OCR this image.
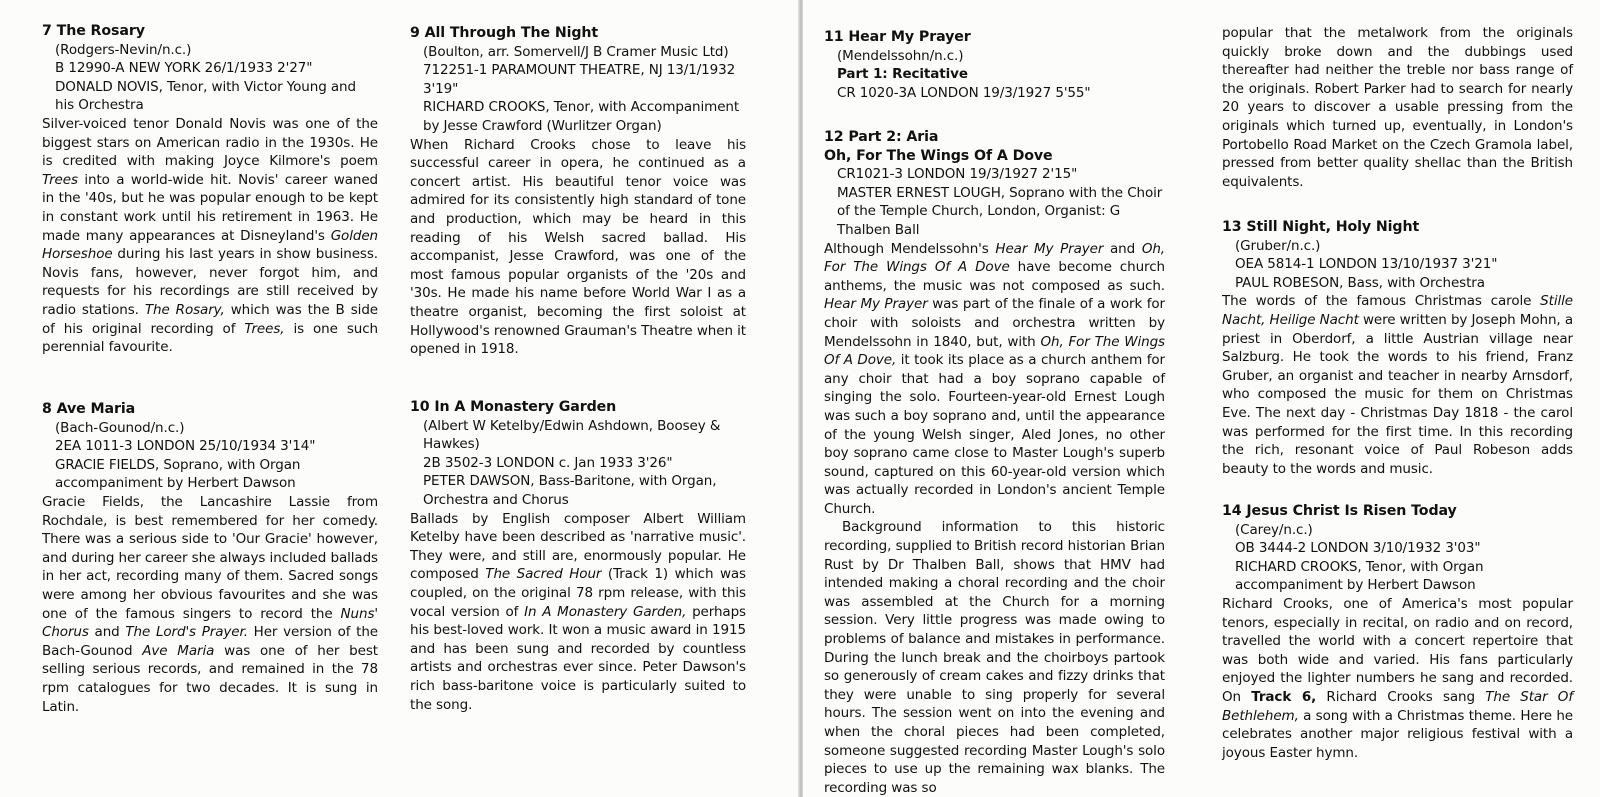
7 The Rosary

(Rodgers-Nevin/n.c.)

B 12990-A NEW YORK 26/1/1933 2'27"

DONALD NOVIS, Tenor, with Victor Young and his Orchestra

Silver-voiced tenor Donald Novis was one of the biggest stars on American radio in the 1930s. He is credited with making Joyce Kilmore's poem Trees into a world-wide hit. Novis' career waned in the '40s, but he was popular enough to be kept in constant work until his retirement in 1963. He made many appearances at Disneyland's Golden Horseshoe during his last years in show business. Novis fans, however, never forgot him, and requests for his recordings are still received by radio stations. The Rosary, which was the B side of his original recording of Trees, is one such perennial favourite.

8 Ave Maria

(Bach-Gounod/n.c.)

2EA 1011-3 LONDON 25/10/1934 3'14"

GRACIE FIELDS, Soprano, with Organ accompaniment by Herbert Dawson

Gracie Fields, the Lancashire Lassie from Rochdale, is best remembered for her comedy. There was a serious side to 'Our Gracie' however, and during her career she always included ballads in her act, recording many of them. Sacred songs were among her obvious favourites and she was one of the famous singers to record the Nuns' Chorus and The Lord's Prayer. Her version of the Bach-Gounod Ave Maria was one of her best selling serious records, and remained in the 78 rpm catalogues for two decades. It is sung in Latin.

9 All Through The Night

(Boulton, arr. Somervell/J B Cramer Music Ltd)

712251-1 PARAMOUNT THEATRE, NJ 13/1/1932 3'19"

RICHARD CROOKS, Tenor, with Accompaniment by Jesse Crawford (Wurlitzer Organ)

When Richard Crooks chose to leave his successful career in opera, he continued as a concert artist. His beautiful tenor voice was admired for its consistently high standard of tone and production, which may be heard in this reading of his Welsh sacred ballad. His accompanist, Jesse Crawford, was one of the most famous popular organists of the '20s and '30s. He made his name before World War I as a theatre organist, becoming the first soloist at Hollywood's renowned Grauman's Theatre when it opened in 1918.

10 In A Monastery Garden

(Albert W Ketelby/Edwin Ashdown, Boosey & Hawkes)

2B 3502-3 LONDON c. Jan 1933 3'26"

PETER DAWSON, Bass-Baritone, with Organ, Orchestra and Chorus

Ballads by English composer Albert William Ketelby have been described as 'narrative music'. They were, and still are, enormously popular. He composed The Sacred Hour (Track 1) which was coupled, on the original 78 rpm release, with this vocal version of In A Monastery Garden, perhaps his best-loved work. It won a music award in 1915 and has been sung and recorded by countless artists and orchestras ever since. Peter Dawson's rich bass-baritone voice is particularly suited to the song.

11 Hear My Prayer

(Mendelssohn/n.c.)

Part 1: Recitative

CR 1020-3A LONDON 19/3/1927 5'55"

12 Part 2: Aria

Oh, For The Wings Of A Dove

CR1021-3 LONDON 19/3/1927 2'15"

MASTER ERNEST LOUGH, Soprano with the Choir of the Temple Church, London, Organist: G Thalben Ball

Although Mendelssohn's Hear My Prayer and Oh, For The Wings Of A Dove have become church anthems, the music was not composed as such. Hear My Prayer was part of the finale of a work for choir with soloists and orchestra written by Mendelssohn in 1840, but, with Oh, For The Wings Of A Dove, it took its place as a church anthem for any choir that had a boy soprano capable of singing the solo. Fourteen-year-old Ernest Lough was such a boy soprano and, until the appearance of the young Welsh singer, Aled Jones, no other boy soprano came close to Master Lough's superb sound, captured on this 60-year-old version which was actually recorded in London's ancient Temple Church.

Background information to this historic recording, supplied to British record historian Brian Rust by Dr Thalben Ball, shows that HMV had intended making a choral recording and the choir was assembled at the Church for a morning session. Very little progress was made owing to problems of balance and mistakes in performance. During the lunch break and the choirboys partook so generously of cream cakes and fizzy drinks that they were unable to sing properly for several hours. The session went on into the evening and when the choral pieces had been completed, someone suggested recording Master Lough's solo pieces to use up the remaining wax blanks. The recording was so

popular that the metalwork from the originals quickly broke down and the dubbings used thereafter had neither the treble nor bass range of the originals. Robert Parker had to search for nearly 20 years to discover a usable pressing from the originals which turned up, eventually, in London's Portobello Road Market on the Czech Gramola label, pressed from better quality shellac than the British equivalents.

13 Still Night, Holy Night

(Gruber/n.c.)

OEA 5814-1 LONDON 13/10/1937 3'21"

PAUL ROBESON, Bass, with Orchestra

The words of the famous Christmas carole Stille Nacht, Heilige Nacht were written by Joseph Mohn, a priest in Oberdorf, a little Austrian village near Salzburg. He took the words to his friend, Franz Gruber, an organist and teacher in nearby Arnsdorf, who composed the music for them on Christmas Eve. The next day - Christmas Day 1818 - the carol was performed for the first time. In this recording the rich, resonant voice of Paul Robeson adds beauty to the words and music.

14 Jesus Christ Is Risen Today

(Carey/n.c.)

OB 3444-2 LONDON 3/10/1932 3'03"

RICHARD CROOKS, Tenor, with Organ accompaniment by Herbert Dawson

Richard Crooks, one of America's most popular tenors, especially in recital, on radio and on record, travelled the world with a concert repertoire that was both wide and varied. His fans particularly enjoyed the lighter numbers he sang and recorded. On Track 6, Richard Crooks sang The Star Of Bethlehem, a song with a Christmas theme. Here he celebrates another major religious festival with a joyous Easter hymn.
